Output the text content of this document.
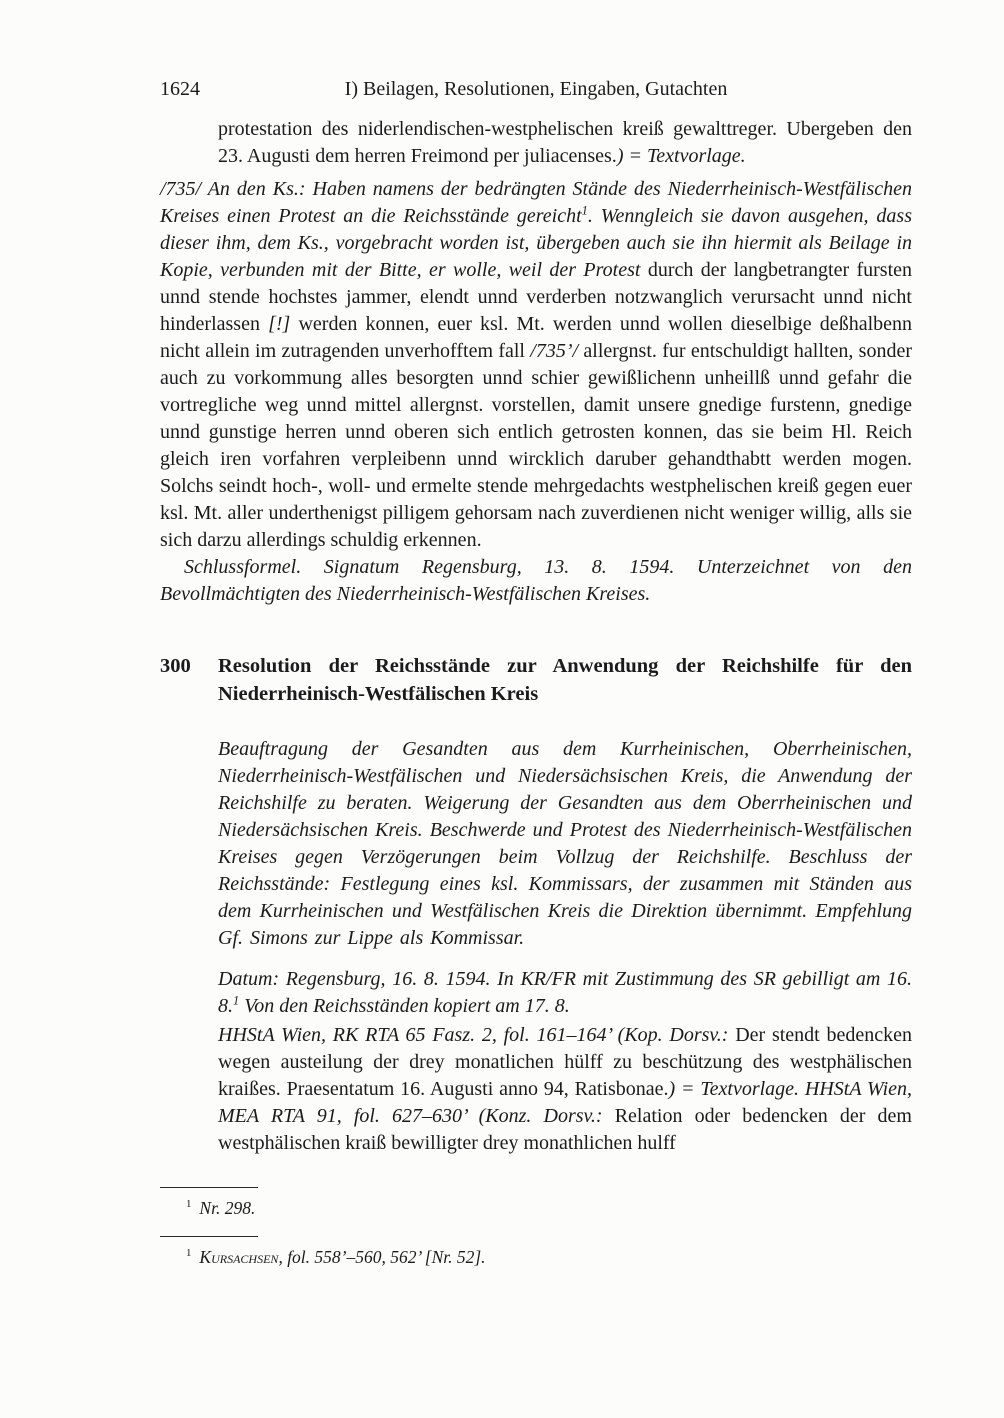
1624	I) Beilagen, Resolutionen, Eingaben, Gutachten

protestation des niderlendischen-westphelischen kreiß gewalttreger. Ubergeben den 23. Augusti dem herren Freimond per juliacenses.) = Textvorlage.

/735/ An den Ks.: Haben namens der bedrängten Stände des Niederrheinisch-Westfälischen Kreises einen Protest an die Reichsstände gereicht$^1$. Wenngleich sie davon ausgehen, dass dieser ihm, dem Ks., vorgebracht worden ist, übergeben auch sie ihn hiermit als Beilage in Kopie, verbunden mit der Bitte, er wolle, weil der Protest durch der langbetrangter fursten unnd stende hochstes jammer, elendt unnd verderben notzwanglich verursacht unnd nicht hinderlassen [!] werden konnen, euer ksl. Mt. werden unnd wollen dieselbige deßhalbenn nicht allein im zutragenden unverhofftem fall /735’/ allergnst. fur entschuldigt hallten, sonder auch zu vorkommung alles besorgten unnd schier gewißlichenn unheillß unnd gefahr die vortregliche weg unnd mittel allergnst. vorstellen, damit unsere gnedige furstenn, gnedige unnd gunstige herren unnd oberen sich entlich getrosten konnen, das sie beim Hl. Reich gleich iren vorfahren verpleibenn unnd wircklich daruber gehandthabtt werden mogen. Solchs seindt hoch-, woll- und ermelte stende mehrgedachts westphelischen kreiß gegen euer ksl. Mt. aller underthenigst pilligem gehorsam nach zuverdienen nicht weniger willig, alls sie sich darzu allerdings schuldig erkennen.

Schlussformel. Signatum Regensburg, 13. 8. 1594. Unterzeichnet von den Bevollmächtigten des Niederrheinisch-Westfälischen Kreises.

300	Resolution der Reichsstände zur Anwendung der Reichshilfe für den Niederrheinisch-Westfälischen Kreis

Beauftragung der Gesandten aus dem Kurrheinischen, Oberrheinischen, Niederrheinisch-Westfälischen und Niedersächsischen Kreis, die Anwendung der Reichshilfe zu beraten. Weigerung der Gesandten aus dem Oberrheinischen und Niedersächsischen Kreis. Beschwerde und Protest des Niederrheinisch-Westfälischen Kreises gegen Verzögerungen beim Vollzug der Reichshilfe. Beschluss der Reichsstände: Festlegung eines ksl. Kommissars, der zusammen mit Ständen aus dem Kurrheinischen und Westfälischen Kreis die Direktion übernimmt. Empfehlung Gf. Simons zur Lippe als Kommissar.

Datum: Regensburg, 16. 8. 1594. In KR/FR mit Zustimmung des SR gebilligt am 16. 8.$^1$ Von den Reichsständen kopiert am 17. 8.

HHStA Wien, RK RTA 65 Fasz. 2, fol. 161–164’ (Kop. Dorsv.: Der stendt bedencken wegen austeilung der drey monatlichen hülff zu beschützung des westphälischen kraißes. Praesentatum 16. Augusti anno 94, Ratisbonae.) = Textvorlage. HHStA Wien, MEA RTA 91, fol. 627–630’ (Konz. Dorsv.: Relation oder bedencken der dem westphälischen kraiß bewilligter drey monathlichen hulff

$^1$ Nr. 298.

$^1$ Kursachsen, fol. 558’–560, 562’ [Nr. 52].
